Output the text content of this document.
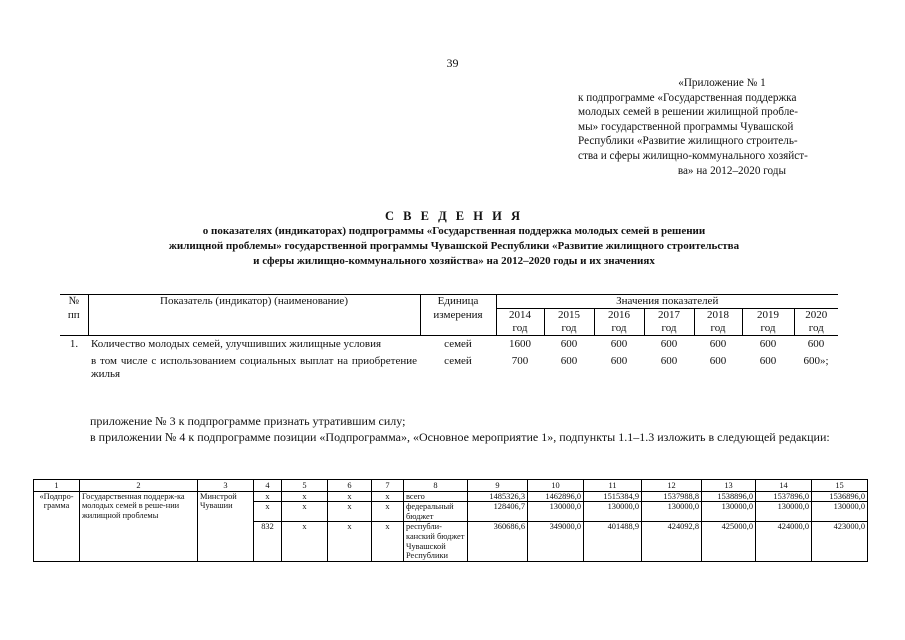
39
«Приложение № 1
к подпрограмме «Государственная поддержка
молодых семей в решении жилищной пробле-
мы» государственной программы Чувашской
Республики «Развитие жилищного строитель-
ства и сферы жилищно-коммунального хозяйст-
ва» на 2012–2020 годы
С В Е Д Е Н И Я
о показателях (индикаторах) подпрограммы «Государственная поддержка молодых семей в решении
жилищной проблемы» государственной программы Чувашской Республики «Развитие жилищного строительства
и сферы жилищно-коммунального хозяйства» на 2012–2020 годы и их значениях
№	Показатель (индикатор) (наименование)	Единица	Значения показателей						
пп		измерения	2014	2015	2016	2017	2018	2019	2020
			год	год	год	год	год	год	год
1.	Количество молодых семей, улучшивших жилищные условия	семей	1600	600	600	600	600	600	600
	в том числе с использованием социальных выплат на приобретение жилья	семей	700	600	600	600	600	600	600»;
приложение № 3 к подпрограмме признать утратившим силу;
в приложении № 4 к подпрограмме позиции «Подпрограмма», «Основное мероприятие 1», подпункты 1.1–1.3 изложить в следующей редакции:
1	2	3	4	5	6	7	8	9	10	11	12	13	14	15
«Подпро-грамма	Государственная поддерж-ка молодых семей в реше-нии жилищной проблемы	Минстрой Чувашии	x	x	x	x	всего	1485326,3	1462896,0	1515384,9	1537988,8	1538896,0	1537896,0	1536896,0
			x	x	x	x	федеральный бюджет	128406,7	130000,0	130000,0	130000,0	130000,0	130000,0	130000,0
			832	x	x	x	республи-канский бюджет Чувашской Республики	360686,6	349000,0	401488,9	424092,8	425000,0	424000,0	423000,0
